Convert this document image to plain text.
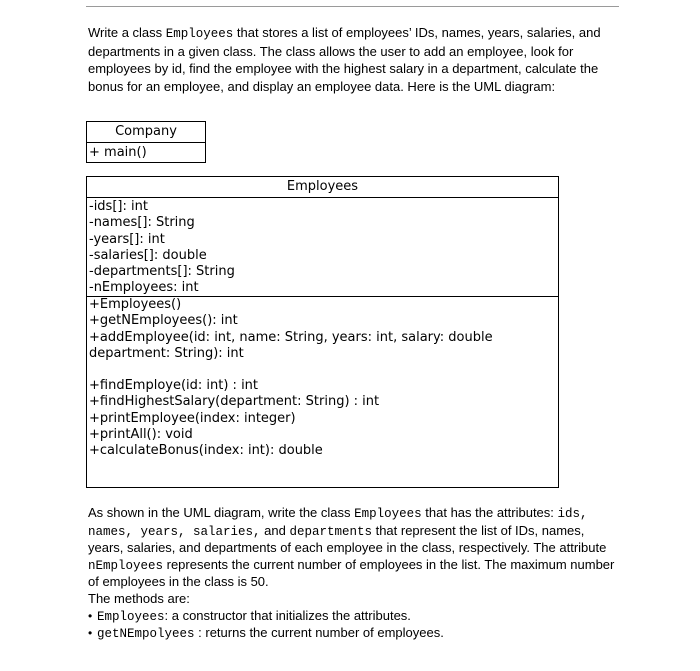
Write a class Employees that stores a list of employees’ IDs, names, years, salaries, and departments in a given class. The class allows the user to add an employee, look for employees by id, find the employee with the highest salary in a department, calculate the bonus for an employee, and display an employee data. Here is the UML diagram:
Company
+ main()
Employees
-ids[]: int
-names[]: String
-years[]: int
-salaries[]: double
-departments[]: String
-nEmployees: int
+Employees()
+getNEmployees(): int
+addEmployee(id: int, name: String, years: int, salary: double
department: String): int
+findEmploye(id: int) : int
+findHighestSalary(department: String) : int
+printEmployee(index: integer)
+printAll(): void
+calculateBonus(index: int): double
As shown in the UML diagram, write the class Employees that has the attributes: ids, names, years, salaries, and departments that represent the list of IDs, names, years, salaries, and departments of each employee in the class, respectively. The attribute nEmployees represents the current number of employees in the list. The maximum number of employees in the class is 50.
The methods are:
• Employees: a constructor that initializes the attributes.
• getNEmpolyees : returns the current number of employees.
